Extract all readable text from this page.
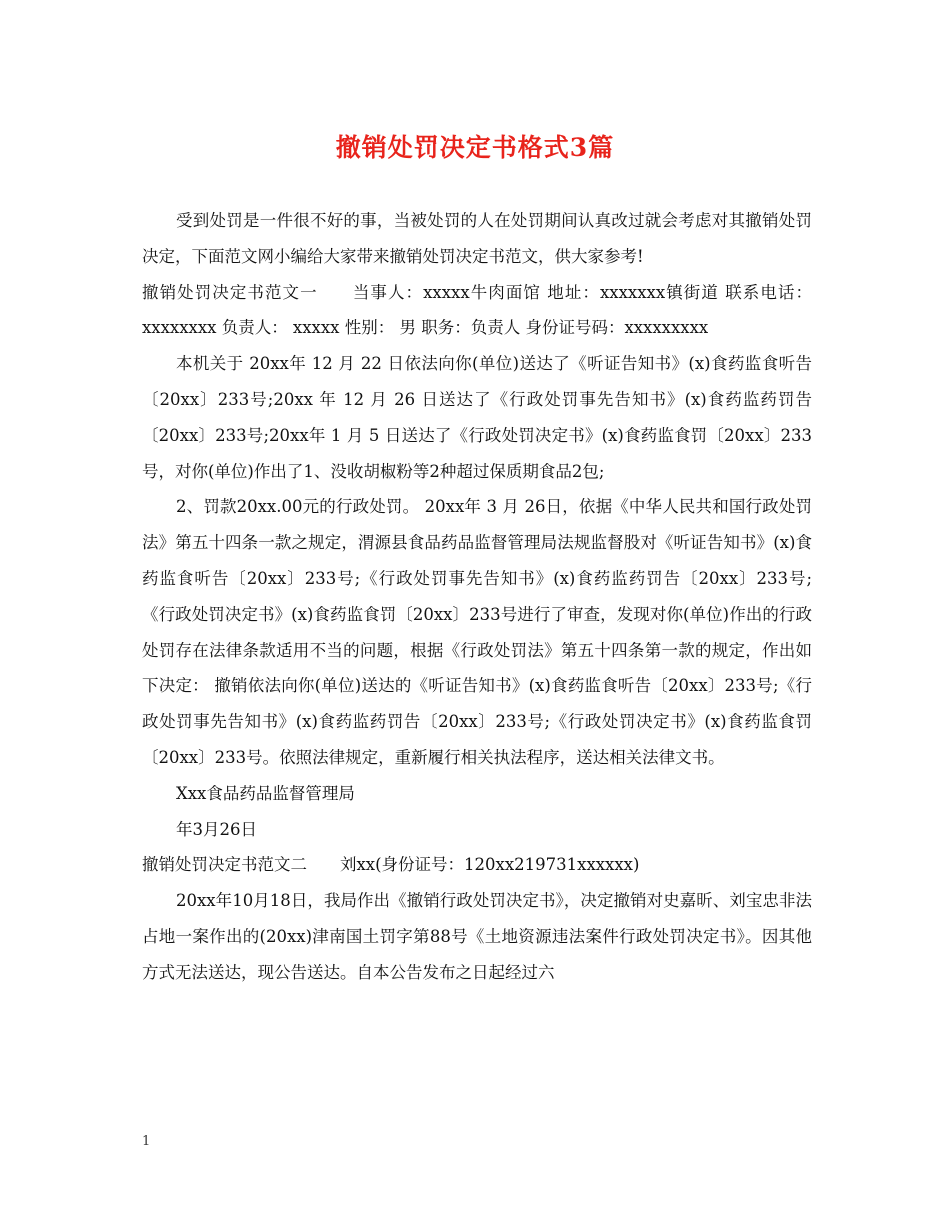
撤销处罚决定书格式3篇

受到处罚是一件很不好的事，当被处罚的人在处罚期间认真改过就会考虑对其撤销处罚决定，下面范文网小编给大家带来撤销处罚决定书范文，供大家参考!

撤销处罚决定书范文一　　当事人：xxxxx牛肉面馆 地址：xxxxxxx镇街道 联系电话： xxxxxxxx 负责人： xxxxx 性别： 男 职务：负责人 身份证号码：xxxxxxxxx

本机关于 20xx年 12 月 22 日依法向你(单位)送达了《听证告知书》(x)食药监食听告〔20xx〕233号;20xx 年 12 月 26 日送达了《行政处罚事先告知书》(x)食药监药罚告〔20xx〕233号;20xx年 1 月 5 日送达了《行政处罚决定书》(x)食药监食罚〔20xx〕233号，对你(单位)作出了1、没收胡椒粉等2种超过保质期食品2包;

2、罚款20xx.00元的行政处罚。 20xx年 3 月 26日，依据《中华人民共和国行政处罚法》第五十四条一款之规定，渭源县食品药品监督管理局法规监督股对《听证告知书》(x)食药监食听告〔20xx〕233号;《行政处罚事先告知书》(x)食药监药罚告〔20xx〕233号;《行政处罚决定书》(x)食药监食罚〔20xx〕233号进行了审查，发现对你(单位)作出的行政处罚存在法律条款适用不当的问题，根据《行政处罚法》第五十四条第一款的规定，作出如下决定： 撤销依法向你(单位)送达的《听证告知书》(x)食药监食听告〔20xx〕233号;《行政处罚事先告知书》(x)食药监药罚告〔20xx〕233号;《行政处罚决定书》(x)食药监食罚〔20xx〕233号。依照法律规定，重新履行相关执法程序，送达相关法律文书。

Xxx食品药品监督管理局

年3月26日

撤销处罚决定书范文二　　刘xx(身份证号：120xx219731xxxxxx)

20xx年10月18日，我局作出《撤销行政处罚决定书》，决定撤销对史嘉昕、刘宝忠非法占地一案作出的(20xx)津南国土罚字第88号《土地资源违法案件行政处罚决定书》。因其他方式无法送达，现公告送达。自本公告发布之日起经过六

1
